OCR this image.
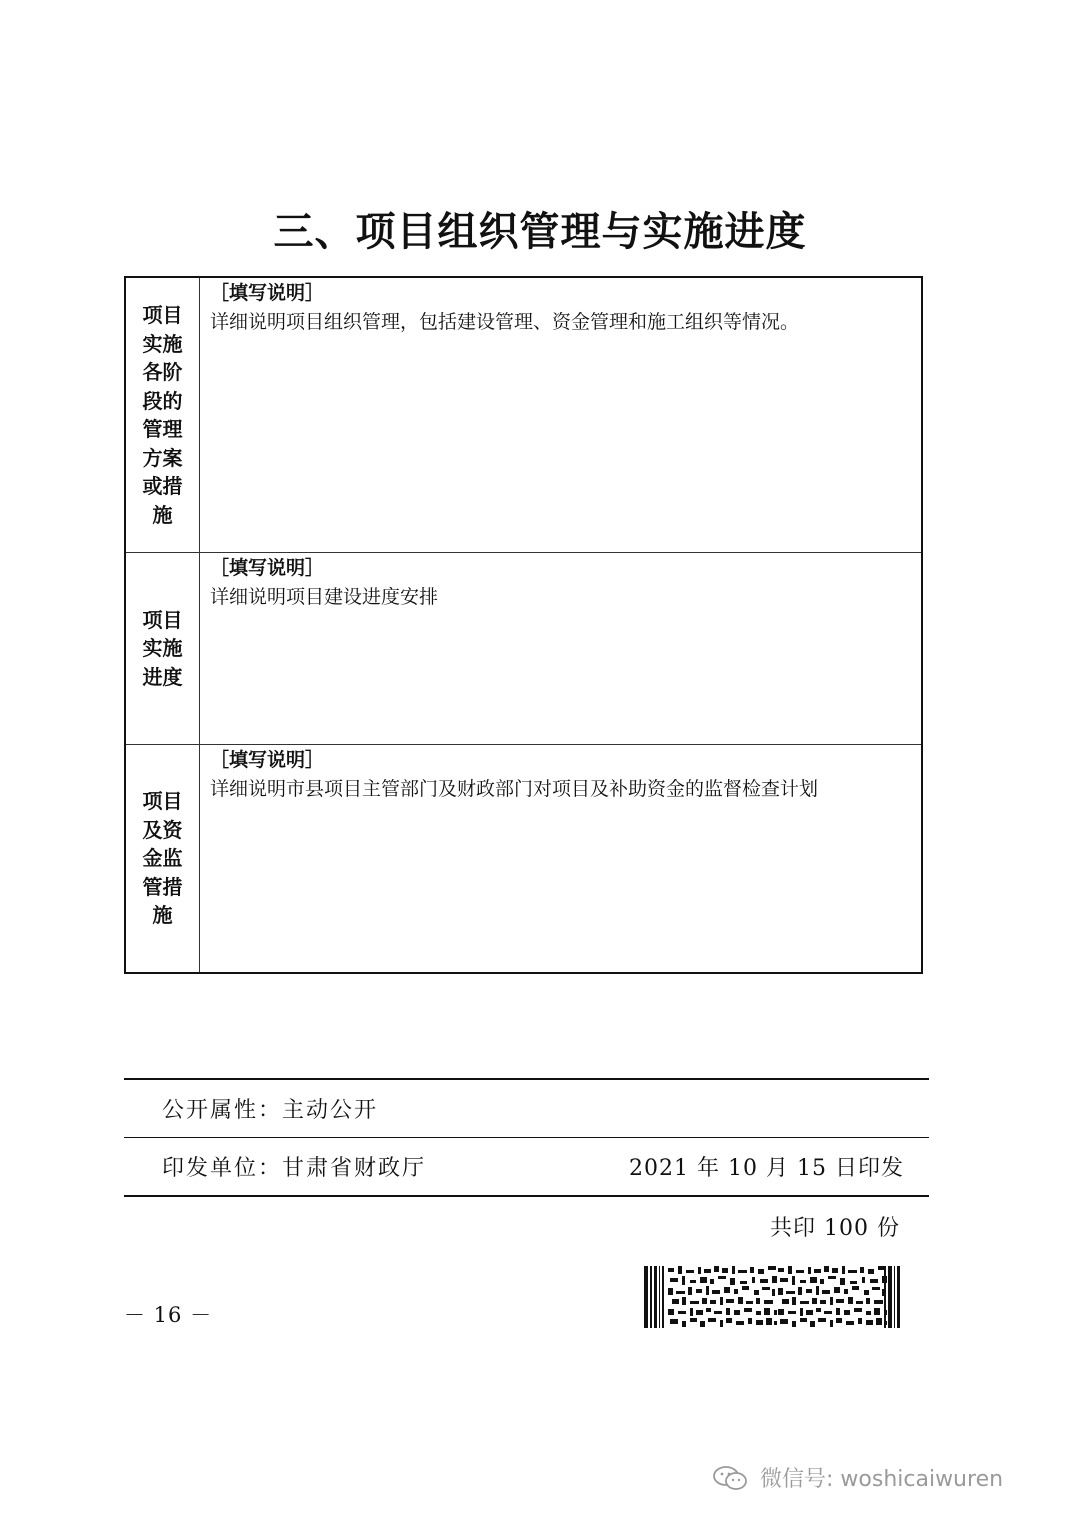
三、项目组织管理与实施进度
项目实施各阶段的管理方案或措施
［填写说明］
详细说明项目组织管理，包括建设管理、资金管理和施工组织等情况。
项目实施进度
［填写说明］
详细说明项目建设进度安排
项目及资金监管措施
［填写说明］
详细说明市县项目主管部门及财政部门对项目及补助资金的监督检查计划
公开属性：主动公开
印发单位：甘肃省财政厅	2021 年 10 月 15 日印发
共印 100 份
－ 16 －
微信号: woshicaiwuren
